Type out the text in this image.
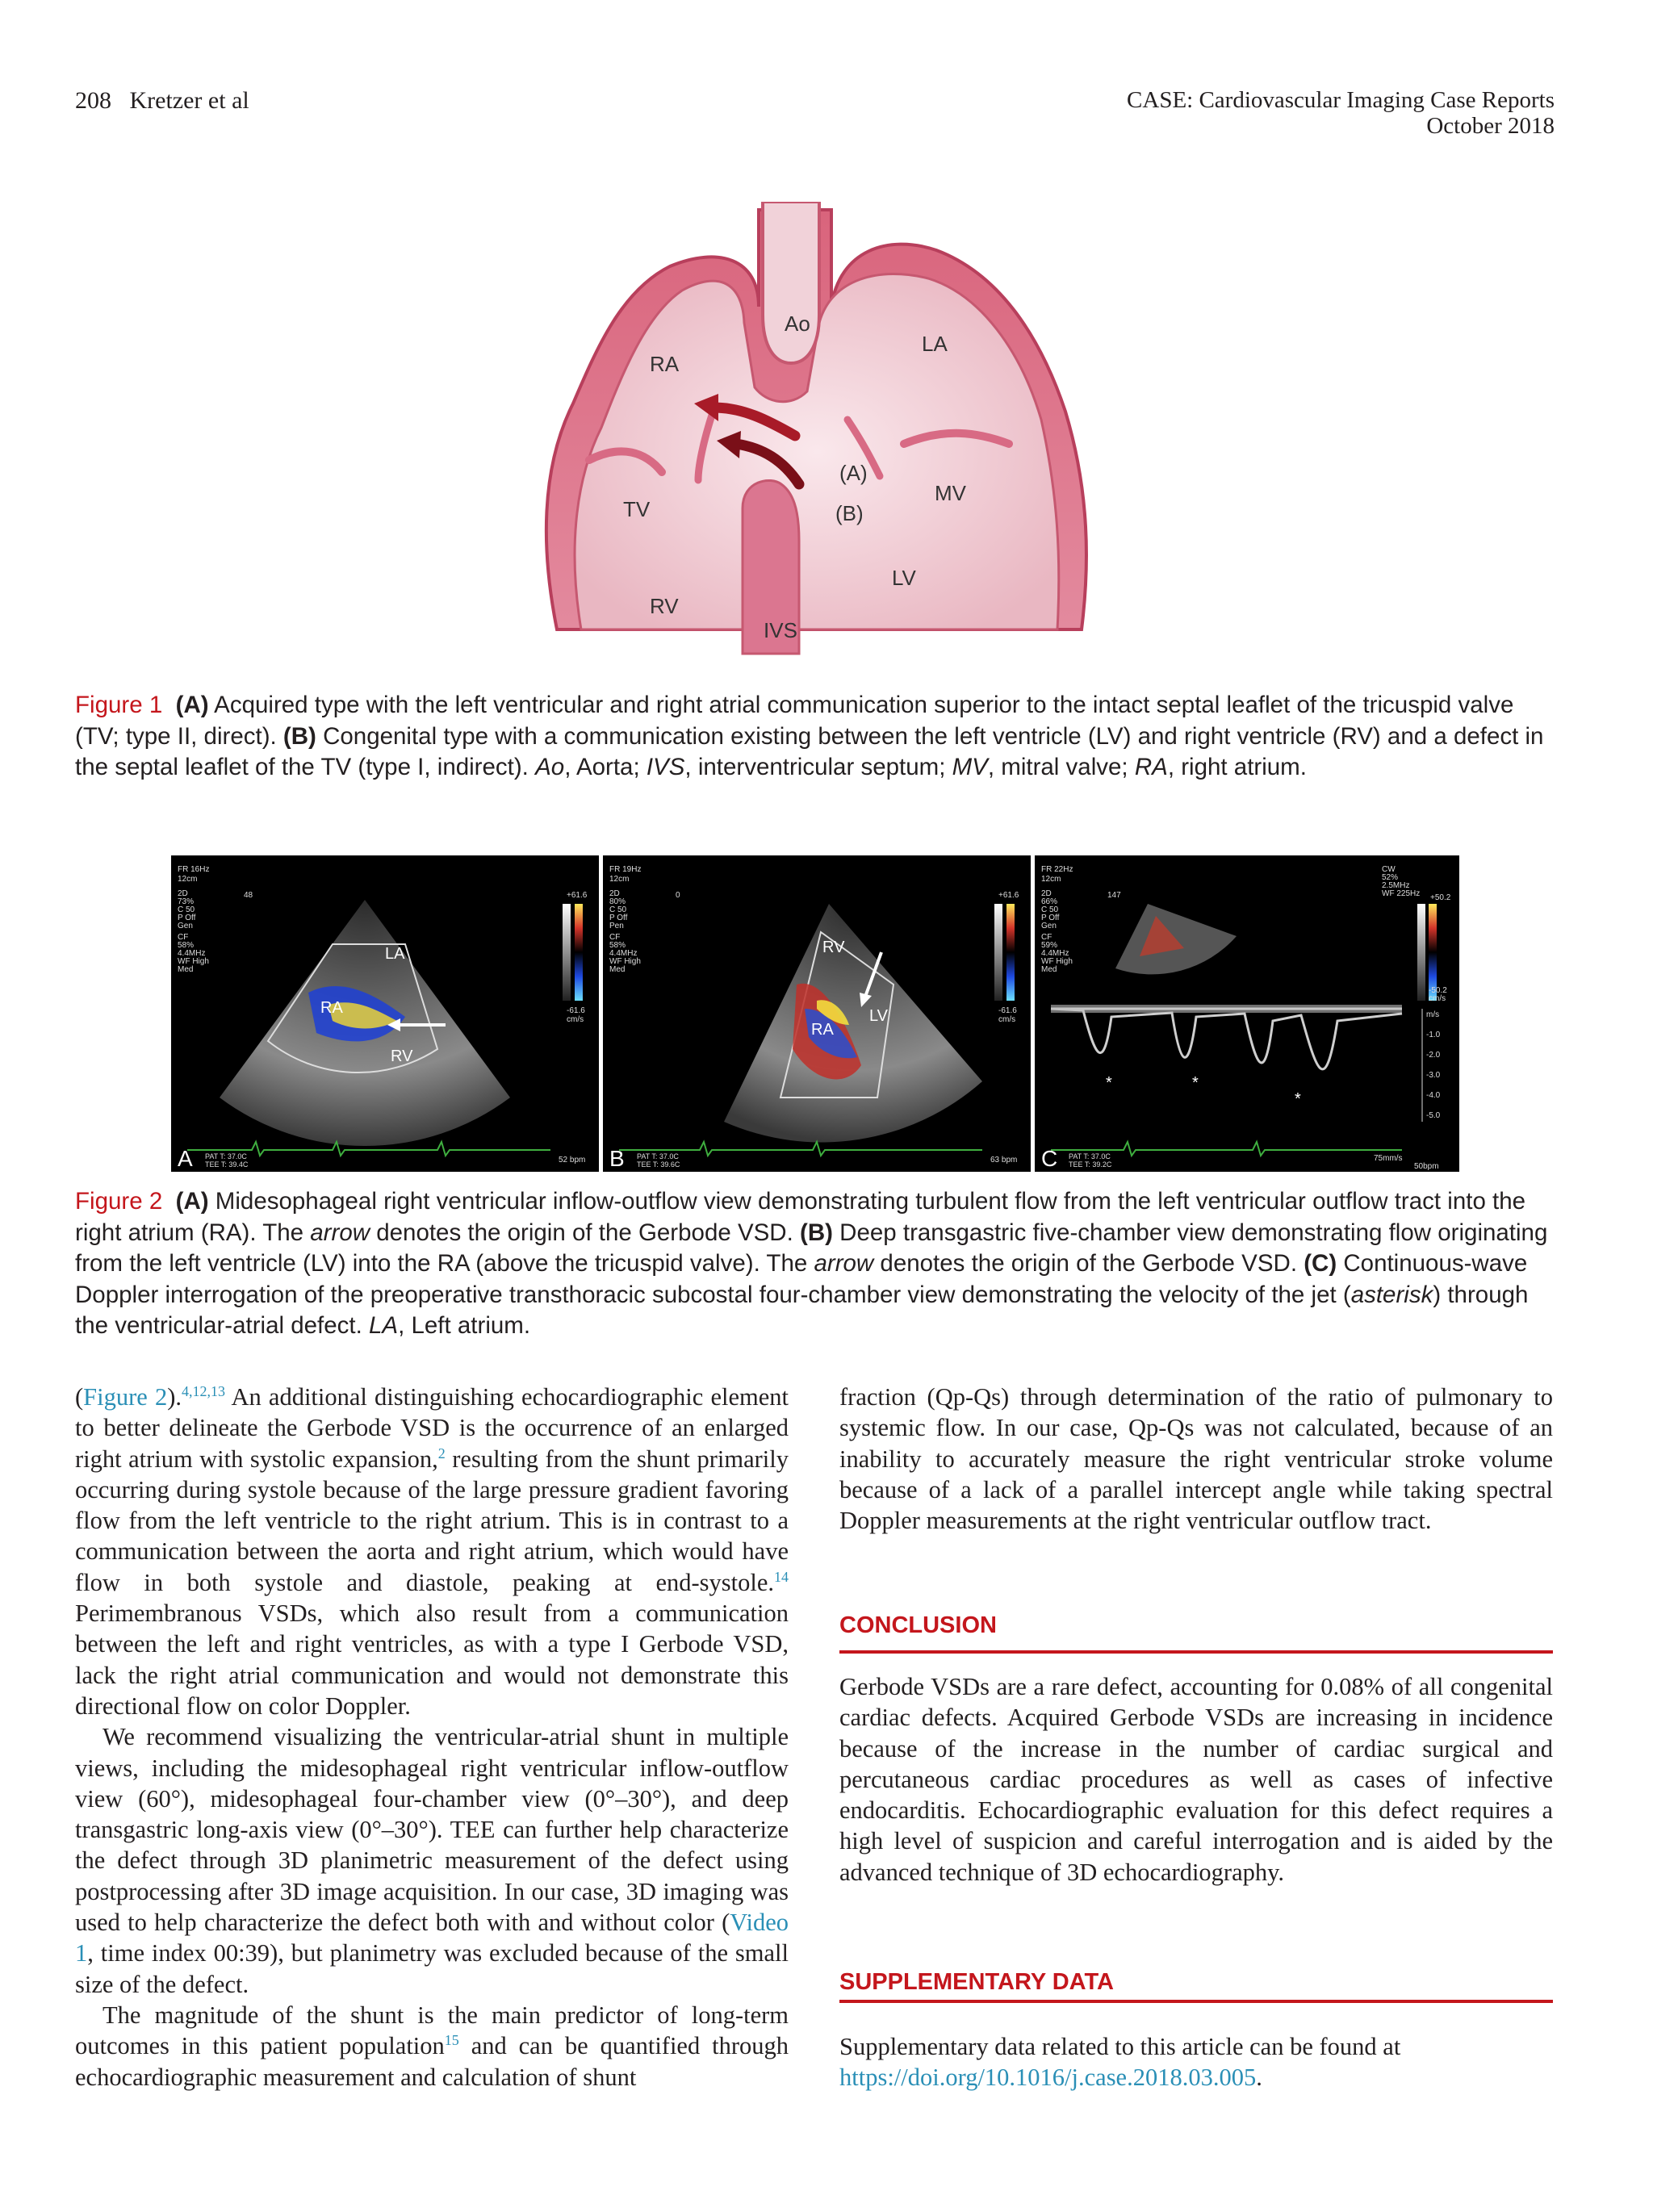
208 Kretzer et al	CASE: Cardiovascular Imaging Case Reports
October 2018
Ao
LA
RA
TV
MV
(A)
(B)
LV
RV
IVS
Figure 1 (A) Acquired type with the left ventricular and right atrial communication superior to the intact septal leaflet of the tricuspid valve (TV; type II, direct). (B) Congenital type with a communication existing between the left ventricle (LV) and right ventricle (RV) and a defect in the septal leaflet of the TV (type I, indirect). Ao, Aorta; IVS, interventricular septum; MV, mitral valve; RA, right atrium.
FR 16Hz
12cm
2D
73%
C 50
P Off
Gen
CF
58%
4.4MHz
WF High
Med
48	+61.6
-61.6
cm/s
LA
RA
RV
A PAT T: 37.0C
TEE T: 39.4C	52 bpm
FR 19Hz
12cm
2D
80%
C 50
P Off
Pen
CF
58%
4.4MHz
WF High
Med
0	+61.6
-61.6
cm/s
RV
LV
RA
B PAT T: 37.0C
TEE T: 39.6C	63 bpm
FR 22Hz
12cm
2D
66%
C 50
P Off
Gen
CF
59%
4.4MHz
WF High
Med
147
CW
52%
2.5MHz
WF 225Hz +50.2
-50.2
cm/s
m/s
-1.0
-2.0
-3.0
-4.0
-5.0
*	*
*
C PAT T: 37.0C
TEE T: 39.2C
75mm/s
50bpm
Figure 2 (A) Midesophageal right ventricular inflow-outflow view demonstrating turbulent flow from the left ventricular outflow tract into the right atrium (RA). The arrow denotes the origin of the Gerbode VSD. (B) Deep transgastric five-chamber view demonstrating flow originating from the left ventricle (LV) into the RA (above the tricuspid valve). The arrow denotes the origin of the Gerbode VSD. (C) Continuous-wave Doppler interrogation of the preoperative transthoracic subcostal four-chamber view demonstrating the velocity of the jet (asterisk) through the ventricular-atrial defect. LA, Left atrium.

(Figure 2).$^{4,12,13}$ An additional distinguishing echocardiographic element to better delineate the Gerbode VSD is the occurrence of an enlarged right atrium with systolic expansion,$^2$ resulting from the shunt primarily occurring during systole because of the large pressure gradient favoring flow from the left ventricle to the right atrium. This is in contrast to a communication between the aorta and right atrium, which would have flow in both systole and diastole, peaking at end-systole.$^{14}$ Perimembranous VSDs, which also result from a communication between the left and right ventricles, as with a type I Gerbode VSD, lack the right atrial communication and would not demonstrate this directional flow on color Doppler.

We recommend visualizing the ventricular-atrial shunt in multiple views, including the midesophageal right ventricular inflow-outflow view (60°), midesophageal four-chamber view (0°–30°), and deep transgastric long-axis view (0°–30°). TEE can further help characterize the defect through 3D planimetric measurement of the defect using postprocessing after 3D image acquisition. In our case, 3D imaging was used to help characterize the defect both with and without color (Video 1, time index 00:39), but planimetry was excluded because of the small size of the defect.

The magnitude of the shunt is the main predictor of long-term outcomes in this patient population$^{15}$ and can be quantified through echocardiographic measurement and calculation of shunt

fraction (Qp-Qs) through determination of the ratio of pulmonary to systemic flow. In our case, Qp-Qs was not calculated, because of an inability to accurately measure the right ventricular stroke volume because of a lack of a parallel intercept angle while taking spectral Doppler measurements at the right ventricular outflow tract.

CONCLUSION

Gerbode VSDs are a rare defect, accounting for 0.08% of all congenital cardiac defects. Acquired Gerbode VSDs are increasing in incidence because of the increase in the number of cardiac surgical and percutaneous cardiac procedures as well as cases of infective endocarditis. Echocardiographic evaluation for this defect requires a high level of suspicion and careful interrogation and is aided by the advanced technique of 3D echocardiography.

SUPPLEMENTARY DATA

Supplementary data related to this article can be found at https://doi.org/10.1016/j.case.2018.03.005.
